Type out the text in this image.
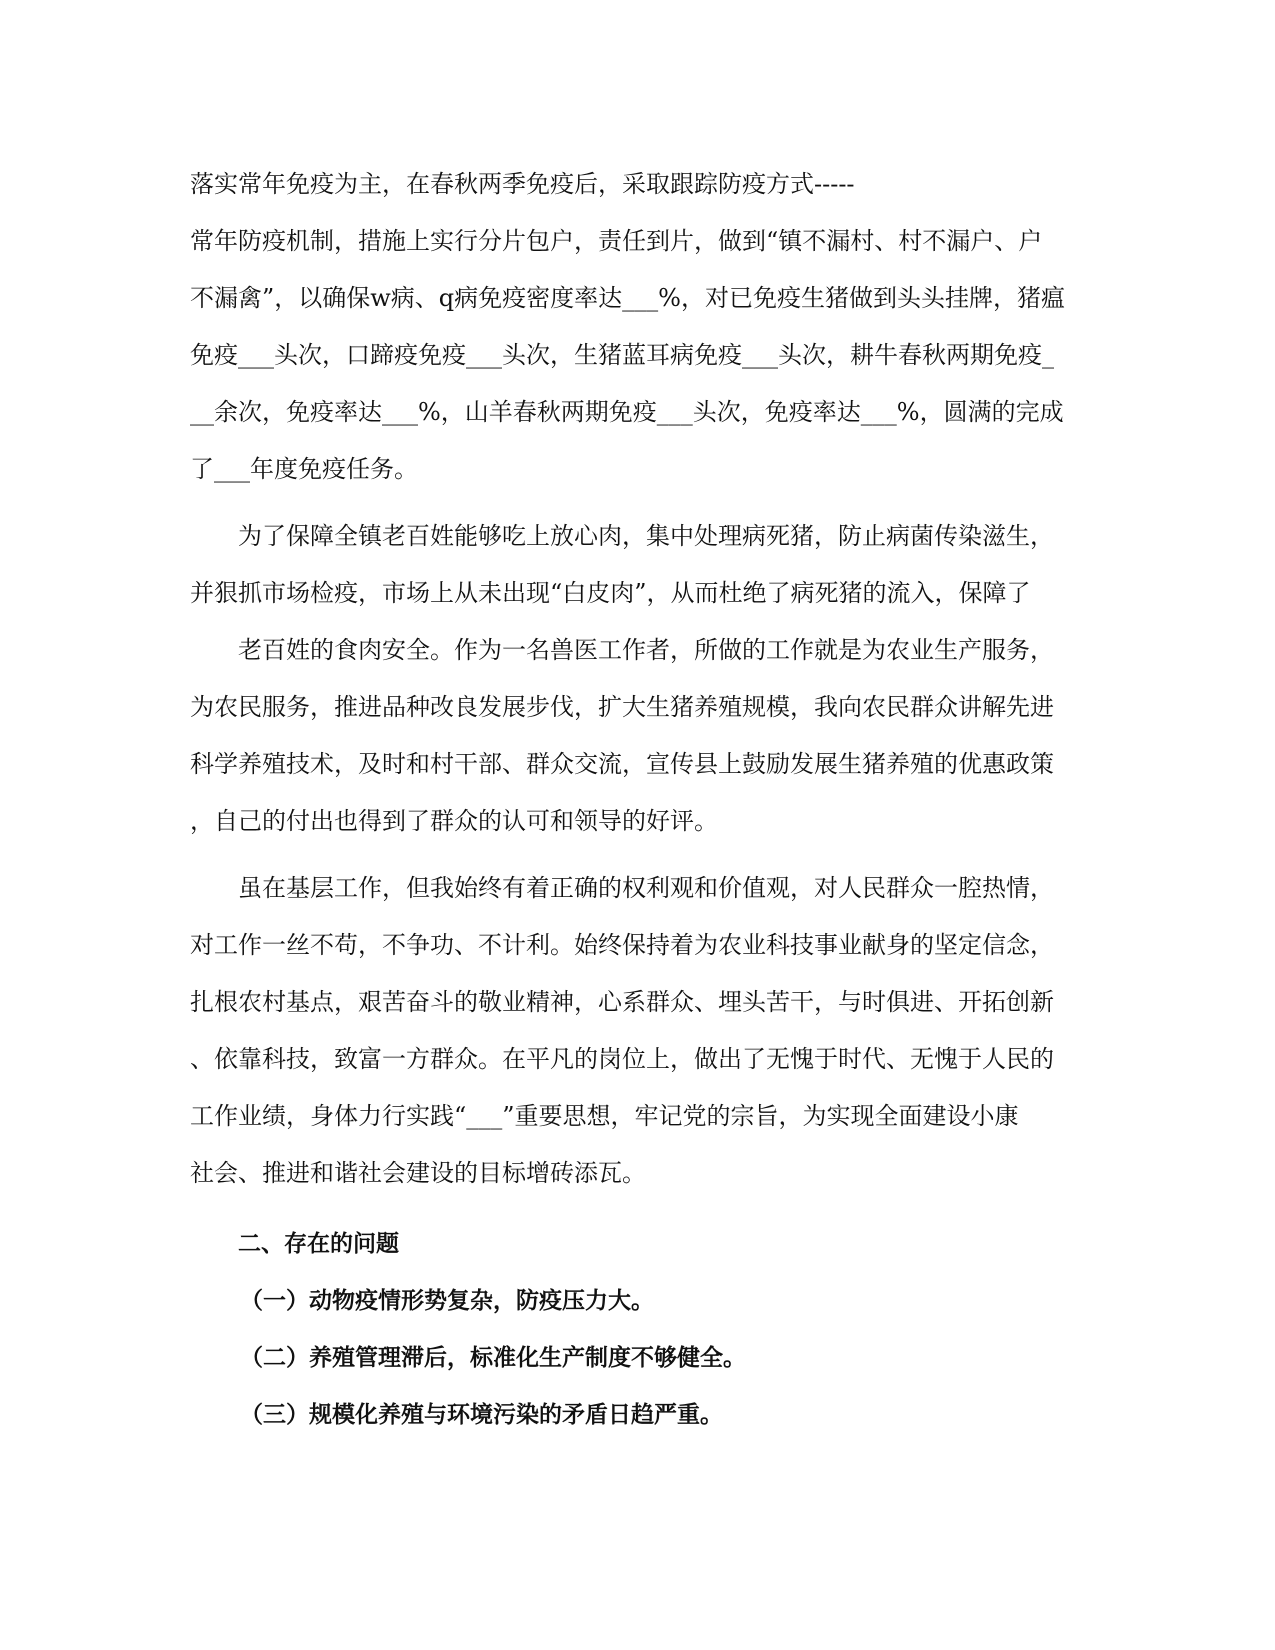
落实常年免疫为主，在春秋两季免疫后，采取跟踪防疫方式-----
常年防疫机制，措施上实行分片包户，责任到片，做到“镇不漏村、村不漏户、户
不漏禽”，以确保w病、q病免疫密度率达___%，对已免疫生猪做到头头挂牌，猪瘟
免疫___头次，口蹄疫免疫___头次，生猪蓝耳病免疫___头次，耕牛春秋两期免疫_
__余次，免疫率达___%，山羊春秋两期免疫___头次，免疫率达___%，圆满的完成
了___年度免疫任务。
为了保障全镇老百姓能够吃上放心肉，集中处理病死猪，防止病菌传染滋生，
并狠抓市场检疫，市场上从未出现“白皮肉”，从而杜绝了病死猪的流入，保障了
老百姓的食肉安全。作为一名兽医工作者，所做的工作就是为农业生产服务，
为农民服务，推进品种改良发展步伐，扩大生猪养殖规模，我向农民群众讲解先进
科学养殖技术，及时和村干部、群众交流，宣传县上鼓励发展生猪养殖的优惠政策
，自己的付出也得到了群众的认可和领导的好评。
虽在基层工作，但我始终有着正确的权利观和价值观，对人民群众一腔热情，
对工作一丝不苟，不争功、不计利。始终保持着为农业科技事业献身的坚定信念，
扎根农村基点，艰苦奋斗的敬业精神，心系群众、埋头苦干，与时俱进、开拓创新
、依靠科技，致富一方群众。在平凡的岗位上，做出了无愧于时代、无愧于人民的
工作业绩，身体力行实践“___”重要思想，牢记党的宗旨，为实现全面建设小康
社会、推进和谐社会建设的目标增砖添瓦。
二、存在的问题
（一）动物疫情形势复杂，防疫压力大。
（二）养殖管理滞后，标准化生产制度不够健全。
（三）规模化养殖与环境污染的矛盾日趋严重。
